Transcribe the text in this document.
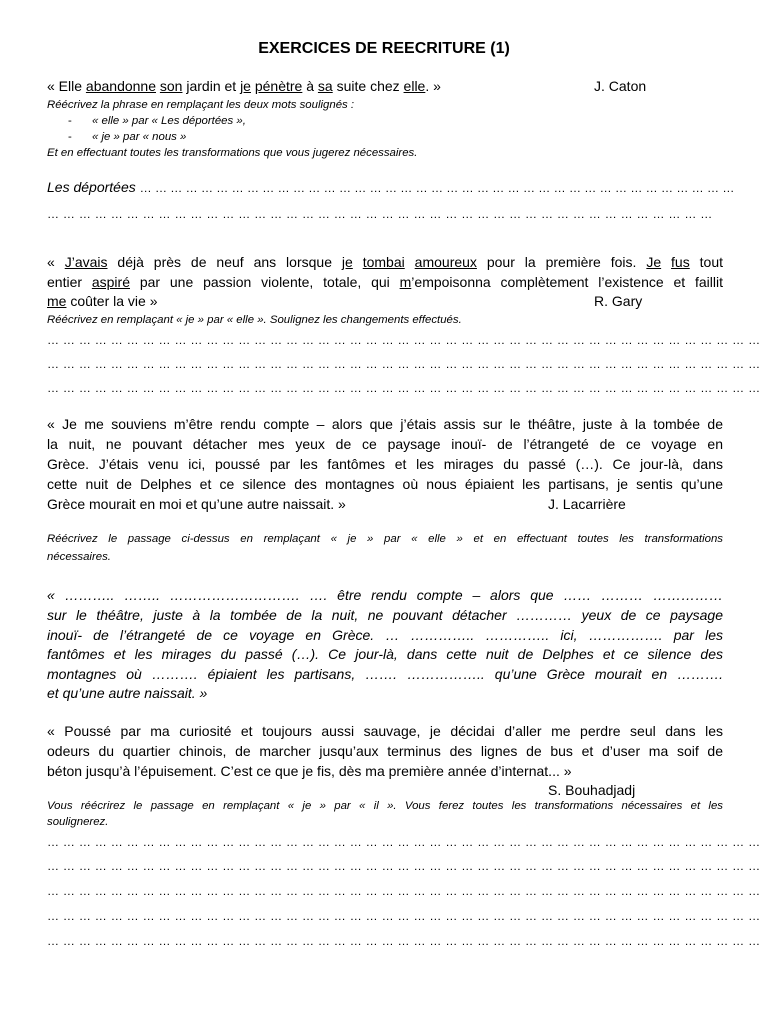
EXERCICES DE REECRITURE (1)
« Elle abandonne son jardin et je pénètre à sa suite chez elle. »	J. Caton
Réécrivez la phrase en remplaçant les deux mots soulignés :
- « elle » par « Les déportées »,
- « je » par « nous »
Et en effectuant toutes les transformations que vous jugerez nécessaires.
Les déportées … … … … … … … … … … … … … … … … … … … … … … … … … … … … … … … … … … … … … … …
… … … … … … … … … … … … … … … … … … … … … … … … … … … … … … … … … … … … … … … … … …
« J’avais déjà près de neuf ans lorsque je tombai amoureux pour la première fois. Je fus tout
entier aspiré par une passion violente, totale, qui m’empoisonna complètement l’existence et faillit
me coûter la vie »	R. Gary
Réécrivez en remplaçant « je » par « elle ». Soulignez les changements effectués.
… … … … … … … … … … … … … … … … … … … … … … … … … … … … … … … … … … … … … … … … … … … … …
… … … … … … … … … … … … … … … … … … … … … … … … … … … … … … … … … … … … … … … … … … … … …
… … … … … … … … … … … … … … … … … … … … … … … … … … … … … … … … … … … … … … … … … … … … …
« Je me souviens m’être rendu compte – alors que j’étais assis sur le théâtre, juste à la tombée de
la nuit, ne pouvant détacher mes yeux de ce paysage inouï- de l’étrangeté de ce voyage en
Grèce. J’étais venu ici, poussé par les fantômes et les mirages du passé (…). Ce jour-là, dans
cette nuit de Delphes et ce silence des montagnes où nous épiaient les partisans, je sentis qu’une
Grèce mourait en moi et qu’une autre naissait. »	J. Lacarrière
Réécrivez le passage ci-dessus en remplaçant « je » par « elle » et en effectuant toutes les transformations
nécessaires.
« ……….. …….. ………………………. …. être rendu compte – alors que …… ……… ……………
sur le théâtre, juste à la tombée de la nuit, ne pouvant détacher ………… yeux de ce paysage
inouï- de l’étrangeté de ce voyage en Grèce. … ………….. ………….. ici, ……………. par les
fantômes et les mirages du passé (…). Ce jour-là, dans cette nuit de Delphes et ce silence des
montagnes où ………. épiaient les partisans, ……. …………….. qu’une Grèce mourait en ……….
et qu’une autre naissait. »
« Poussé par ma curiosité et toujours aussi sauvage, je décidai d’aller me perdre seul dans les
odeurs du quartier chinois, de marcher jusqu’aux terminus des lignes de bus et d’user ma soif de
béton jusqu’à l’épuisement. C’est ce que je fis, dès ma première année d’internat... »
S. Bouhadjadj
Vous réécrirez le passage en remplaçant « je » par « il ». Vous ferez toutes les transformations nécessaires et les
soulignerez.
… … … … … … … … … … … … … … … … … … … … … … … … … … … … … … … … … … … … … … … … … … … … …
… … … … … … … … … … … … … … … … … … … … … … … … … … … … … … … … … … … … … … … … … … … … …
… … … … … … … … … … … … … … … … … … … … … … … … … … … … … … … … … … … … … … … … … … … … …
… … … … … … … … … … … … … … … … … … … … … … … … … … … … … … … … … … … … … … … … … … … … …
… … … … … … … … … … … … … … … … … … … … … … … … … … … … … … … … … … … … … … … … … … … … …
